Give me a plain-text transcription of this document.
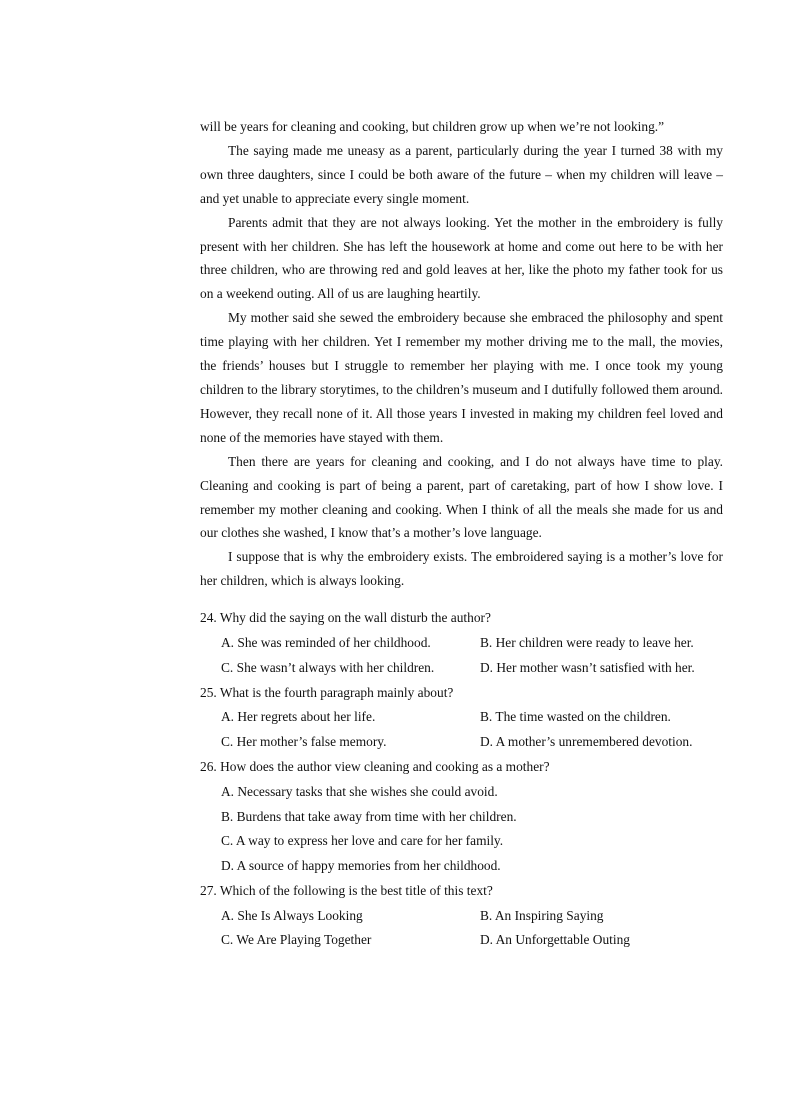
will be years for cleaning and cooking, but children grow up when we’re not looking.”

The saying made me uneasy as a parent, particularly during the year I turned 38 with my own three daughters, since I could be both aware of the future – when my children will leave – and yet unable to appreciate every single moment.

Parents admit that they are not always looking. Yet the mother in the embroidery is fully present with her children. She has left the housework at home and come out here to be with her three children, who are throwing red and gold leaves at her, like the photo my father took for us on a weekend outing. All of us are laughing heartily.

My mother said she sewed the embroidery because she embraced the philosophy and spent time playing with her children. Yet I remember my mother driving me to the mall, the movies, the friends’ houses but I struggle to remember her playing with me. I once took my young children to the library storytimes, to the children’s museum and I dutifully followed them around. However, they recall none of it. All those years I invested in making my children feel loved and none of the memories have stayed with them.

Then there are years for cleaning and cooking, and I do not always have time to play. Cleaning and cooking is part of being a parent, part of caretaking, part of how I show love. I remember my mother cleaning and cooking. When I think of all the meals she made for us and our clothes she washed, I know that’s a mother’s love language.

I suppose that is why the embroidery exists. The embroidered saying is a mother’s love for her children, which is always looking.

24. Why did the saying on the wall disturb the author?
A. She was reminded of her childhood.	B. Her children were ready to leave her.
C. She wasn’t always with her children.	D. Her mother wasn’t satisfied with her.
25. What is the fourth paragraph mainly about?
A. Her regrets about her life.	B. The time wasted on the children.
C. Her mother’s false memory.	D. A mother’s unremembered devotion.
26. How does the author view cleaning and cooking as a mother?
A. Necessary tasks that she wishes she could avoid.
B. Burdens that take away from time with her children.
C. A way to express her love and care for her family.
D. A source of happy memories from her childhood.
27. Which of the following is the best title of this text?
A. She Is Always Looking	B. An Inspiring Saying
C. We Are Playing Together	D. An Unforgettable Outing
